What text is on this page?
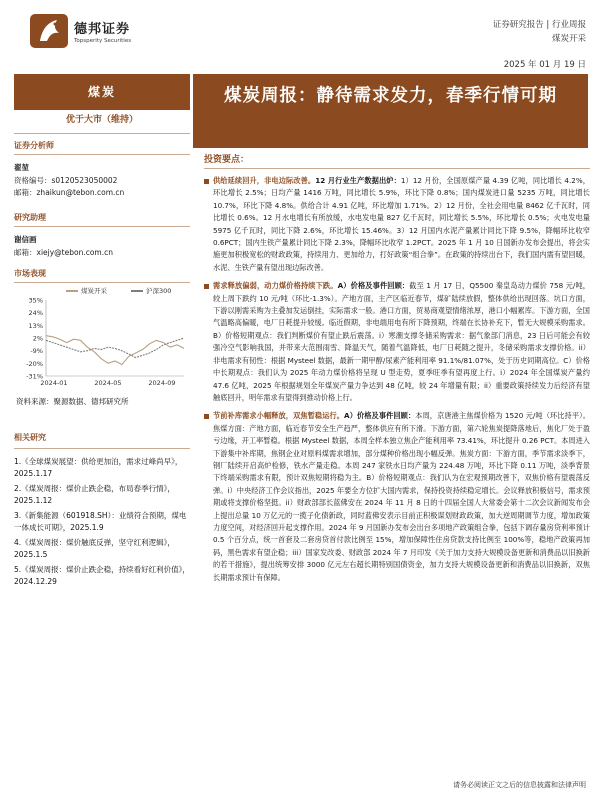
德邦证券
Topsperity Securities
证券研究报告 | 行业周报
煤炭开采
2025 年 01 月 19 日
煤炭	煤炭周报：静待需求发力，春季行情可期
优于大市（维持）
证券分析师
翟堃
资格编号：s0120523050002
邮箱：zhaikun@tebon.com.cn
研究助理
谢信画
邮箱：xiejy@tebon.com.cn
市场表现
煤炭开采	沪深300
35%
24%
13%
2%
-9%
-20%
-31%
2024-01	2024-05	2024-09
资料来源：聚源数据、德邦研究所
相关研究
1.《全球煤炭展望：供给更加泊，需求过峰尚早》，2025.1.17
2.《煤炭周报：煤价止跌企稳，布局春季行情》，2025.1.12
3.《新集能源（601918.SH）：业绩符合预期，煤电一体成长可期》，2025.1.9
4.《煤炭周报：煤价触底反弹，坚守红利逻辑》，2025.1.5
5.《煤炭周报：煤价止跌企稳，持续看好红利价值》，2024.12.29
投资要点：
供给延续回升，非电边际改善。12 月行业生产数据出炉：1）12 月份，全国原煤产量 4.39 亿吨，同比增长 4.2%，环比增长 2.5%；日均产量 1416 万吨，同比增长 5.9%，环比下降 0.8%；国内煤炭进口量 5235 万吨，同比增长 10.7%，环比下降 4.8%。供给合计 4.91 亿吨，环比增加 1.71%。2）12 月份，全社会用电量 8462 亿千瓦时，同比增长 0.6%。12 月水电增长有所放缓，水电发电量 827 亿千瓦时，同比增长 5.5%，环比增长 0.5%；火电发电量 5975 亿千瓦时，同比下降 2.6%，环比增长 15.46%。3）12 月国内水泥产量累计同比下降 9.5%，降幅环比收窄 0.6PCT；国内生铁产量累计同比下降 2.3%，降幅环比收窄 1.2PCT。2025 年 1 月 10 日国新办发布会提出，将会实施更加积极宽松的财政政策，持续用力、更加给力，打好政策“组合拳”。在政策的持续出台下，我们国内需有望回暖，水泥、生铁产量有望出现边际改善。
需求释放偏弱，动力煤价格持续下跌。A）价格及事件回顾：截至 1 月 17 日，Q5500 秦皇岛动力煤价 758 元/吨，较上周下跌约 10 元/吨（环比-1.3%）。产地方面，主产区临近春节，煤矿陆续放假，整体供给出现回落。坑口方面，下游以刚需采购为主叠加发运倒挂，实际需求一般。港口方面，贸易商观望情绪浓厚，港口小幅累库。下游方面，全国气温略高偏暖，电厂日耗提升较缓。临近假期，非电端用电有所下降预期，终端在长协补充下，暂无大规模采购需求。B）价格短期观点：我们判断煤价有望止跌后震荡。i）寒潮支撑冬储采购需求：据气象部门消息，23 日后可能会有较强冷空气影响我国，并带来大范围雨雪、降温天气，随着气温降低，电厂日耗随之提升，冬储采购需求支撑价格。ii）非电需求有韧性：根据 Mysteel 数据，最新一期甲醇/尿素产能利用率 91.1%/81.07%，处于历史同期高位。C）价格中长期观点：我们认为 2025 年动力煤价格将呈现 U 型走势，夏季旺季有望再度上行。i）2024 年全国煤炭产量约 47.6 亿吨，2025 年根据规划全年煤炭产量力争达到 48 亿吨，较 24 年增量有限；ii）重要政策持续发力后经济有望触底回升，明年需求有望得到推动价格上行。
节前补库需求小幅释放，双焦暂稳运行。A）价格及事件回顾：本周，京唐港主焦煤价格为 1520 元/吨（环比持平）。焦煤方面：产地方面，临近春节安全生产趋严，整体供应有所下滑。下游方面，第六轮焦炭提降落地后，焦化厂处于盈亏边缘，开工率暂稳。根据 Mysteel 数据，本周全样本独立焦企产能利用率 73.41%，环比提升 0.26 PCT。本周进入下游集中补库期，焦钢企业对原料煤需求增加，部分煤种价格出现小幅反弹。焦炭方面：下游方面，季节需求淡季下，钢厂陆续开启高炉检修，铁水产量走稳。本周 247 家铁水日均产量为 224.48 万吨，环比下降 0.11 万吨，淡季背景下终端采购需求有限，预计双焦短期将稳为主。B）价格短期观点：我们认为在宏观预期改善下，双焦价格有望震荡反弹。i）中央经济工作会议指出，2025 年要全方位扩大国内需求，保持投资持续稳定增长。会议释放积极信号，需求预期或将支撑价格坚挺。ii）财政部部长蓝佛安在 2024 年 11 月 8 日的十四届全国人大常委会第十二次会议新闻发布会上提出总量 10 万亿元的一揽子化债新政，同时蓝佛安表示目前正积极谋划财政政策，加大逆周期调节力度，增加政策力度空间，对经济回升起支撑作用。2024 年 9 月国新办发布会出台多项地产政策组合拳，包括下调存量房贷利率预计 0.5 个百分点，统一首套及二套房贷首付款比例至 15%，增加保障性住房贷款支持比例至 100%等，稳地产政策再加码，黑色需求有望企稳；iii）国家发改委、财政部 2024 年 7 月印发《关于加力支持大规模设备更新和消费品以旧换新的若干措施》，提出统筹安排 3000 亿元左右超长期特别国债资金，加力支持大规模设备更新和消费品以旧换新，双焦长期需求预计有保障。
请务必阅读正文之后的信息披露和法律声明
